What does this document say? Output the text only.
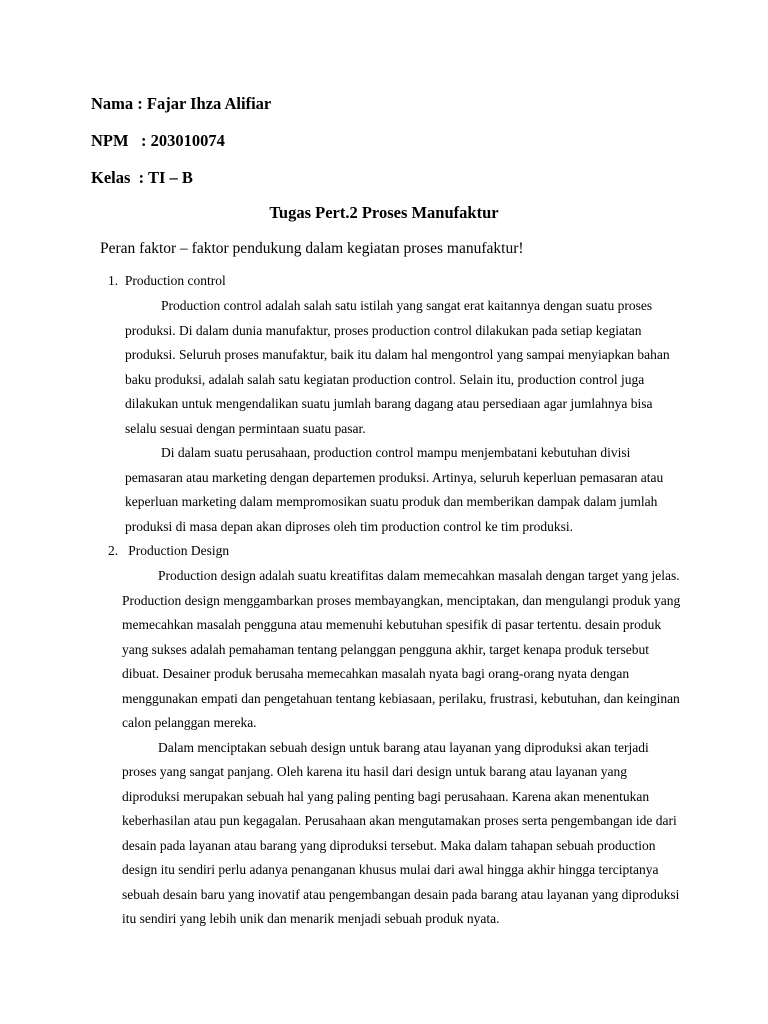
Nama : Fajar Ihza Alifiar
NPM   : 203010074
Kelas  : TI – B
Tugas Pert.2 Proses Manufaktur
Peran faktor – faktor pendukung dalam kegiatan proses manufaktur!
1. Production control

Production control adalah salah satu istilah yang sangat erat kaitannya dengan suatu proses produksi. Di dalam dunia manufaktur, proses production control dilakukan pada setiap kegiatan produksi. Seluruh proses manufaktur, baik itu dalam hal mengontrol yang sampai menyiapkan bahan baku produksi, adalah salah satu kegiatan production control. Selain itu, production control juga dilakukan untuk mengendalikan suatu jumlah barang dagang atau persediaan agar jumlahnya bisa selalu sesuai dengan permintaan suatu pasar.

Di dalam suatu perusahaan, production control mampu menjembatani kebutuhan divisi pemasaran atau marketing dengan departemen produksi. Artinya, seluruh keperluan pemasaran atau keperluan marketing dalam mempromosikan suatu produk dan memberikan dampak dalam jumlah produksi di masa depan akan diproses oleh tim production control ke tim produksi.

2. Production Design

Production design adalah suatu kreatifitas dalam memecahkan masalah dengan target yang jelas. Production design menggambarkan proses membayangkan, menciptakan, dan mengulangi produk yang memecahkan masalah pengguna atau memenuhi kebutuhan spesifik di pasar tertentu. desain produk yang sukses adalah pemahaman tentang pelanggan pengguna akhir, target kenapa produk tersebut dibuat. Desainer produk berusaha memecahkan masalah nyata bagi orang-orang nyata dengan menggunakan empati dan pengetahuan tentang kebiasaan, perilaku, frustrasi, kebutuhan, dan keinginan calon pelanggan mereka.

Dalam menciptakan sebuah design untuk barang atau layanan yang diproduksi akan terjadi proses yang sangat panjang. Oleh karena itu hasil dari design untuk barang atau layanan yang diproduksi merupakan sebuah hal yang paling penting bagi perusahaan. Karena akan menentukan keberhasilan atau pun kegagalan. Perusahaan akan mengutamakan proses serta pengembangan ide dari desain pada layanan atau barang yang diproduksi tersebut. Maka dalam tahapan sebuah production design itu sendiri perlu adanya penanganan khusus mulai dari awal hingga akhir hingga terciptanya sebuah desain baru yang inovatif atau pengembangan desain pada barang atau layanan yang diproduksi itu sendiri yang lebih unik dan menarik menjadi sebuah produk nyata.
